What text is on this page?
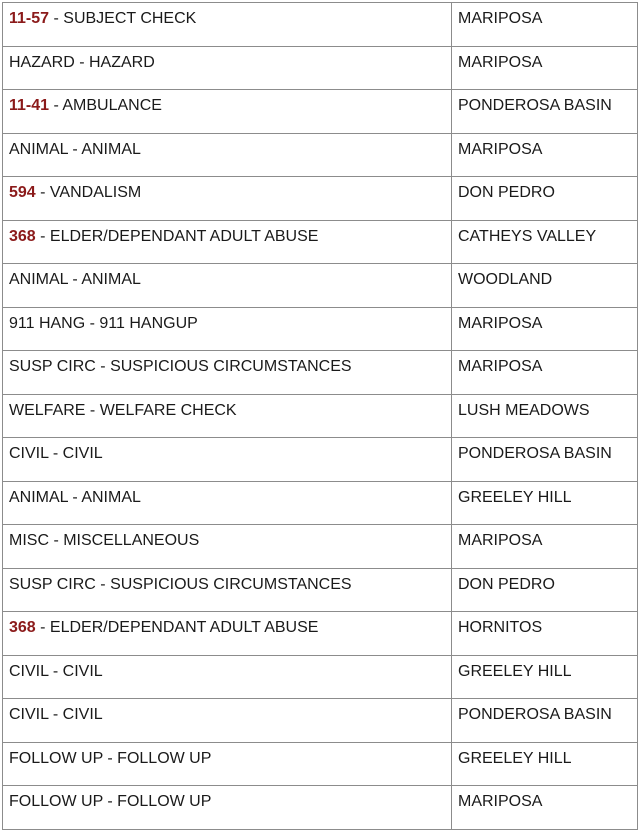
11-57 - SUBJECT CHECK	MARIPOSA

HAZARD - HAZARD	MARIPOSA

11-41 - AMBULANCE	PONDEROSA BASIN

ANIMAL - ANIMAL	MARIPOSA

594 - VANDALISM	DON PEDRO

368 - ELDER/DEPENDANT ADULT ABUSE	CATHEYS VALLEY

ANIMAL - ANIMAL	WOODLAND

911 HANG - 911 HANGUP	MARIPOSA

SUSP CIRC - SUSPICIOUS CIRCUMSTANCES	MARIPOSA

WELFARE - WELFARE CHECK	LUSH MEADOWS

CIVIL - CIVIL	PONDEROSA BASIN

ANIMAL - ANIMAL	GREELEY HILL

MISC - MISCELLANEOUS	MARIPOSA

SUSP CIRC - SUSPICIOUS CIRCUMSTANCES	DON PEDRO

368 - ELDER/DEPENDANT ADULT ABUSE	HORNITOS

CIVIL - CIVIL	GREELEY HILL

CIVIL - CIVIL	PONDEROSA BASIN

FOLLOW UP - FOLLOW UP	GREELEY HILL

FOLLOW UP - FOLLOW UP	MARIPOSA
